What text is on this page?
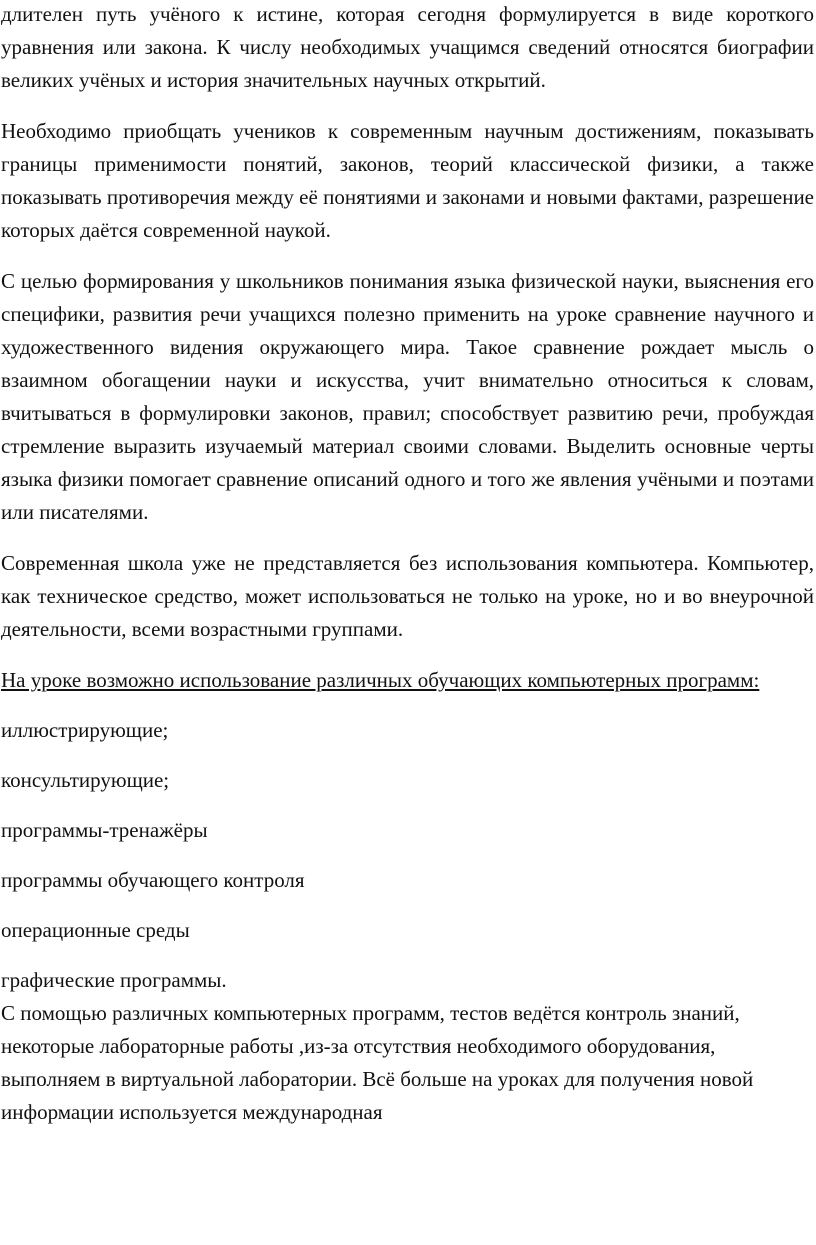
длителен путь учёного к истине, которая сегодня формулируется в виде короткого уравнения или закона. К числу необходимых учащимся сведений относятся биографии великих учёных и история значительных научных открытий.

Необходимо приобщать учеников к современным научным достижениям, показывать границы применимости понятий, законов, теорий классической физики, а также показывать противоречия между её понятиями и законами и новыми фактами, разрешение которых даётся современной наукой.

С целью формирования у школьников понимания языка физической науки, выяснения его специфики, развития речи учащихся полезно применить на уроке сравнение научного и художественного видения окружающего мира. Такое сравнение рождает мысль о взаимном обогащении науки и искусства, учит внимательно относиться к словам, вчитываться в формулировки законов, правил; способствует развитию речи, пробуждая стремление выразить изучаемый материал своими словами. Выделить основные черты языка физики помогает сравнение описаний одного и того же явления учёными и поэтами или писателями.

Современная школа уже не представляется без использования компьютера. Компьютер, как техническое средство, может использоваться не только на уроке, но и во внеурочной деятельности, всеми возрастными группами.

На уроке возможно использование различных обучающих компьютерных программ:

иллюстрирующие;

консультирующие;

программы-тренажёры

программы обучающего контроля

операционные среды

графические программы.

С помощью различных компьютерных программ, тестов ведётся контроль знаний, некоторые лабораторные работы ,из-за отсутствия необходимого оборудования, выполняем в виртуальной лаборатории. Всё больше на уроках для получения новой информации используется международная
